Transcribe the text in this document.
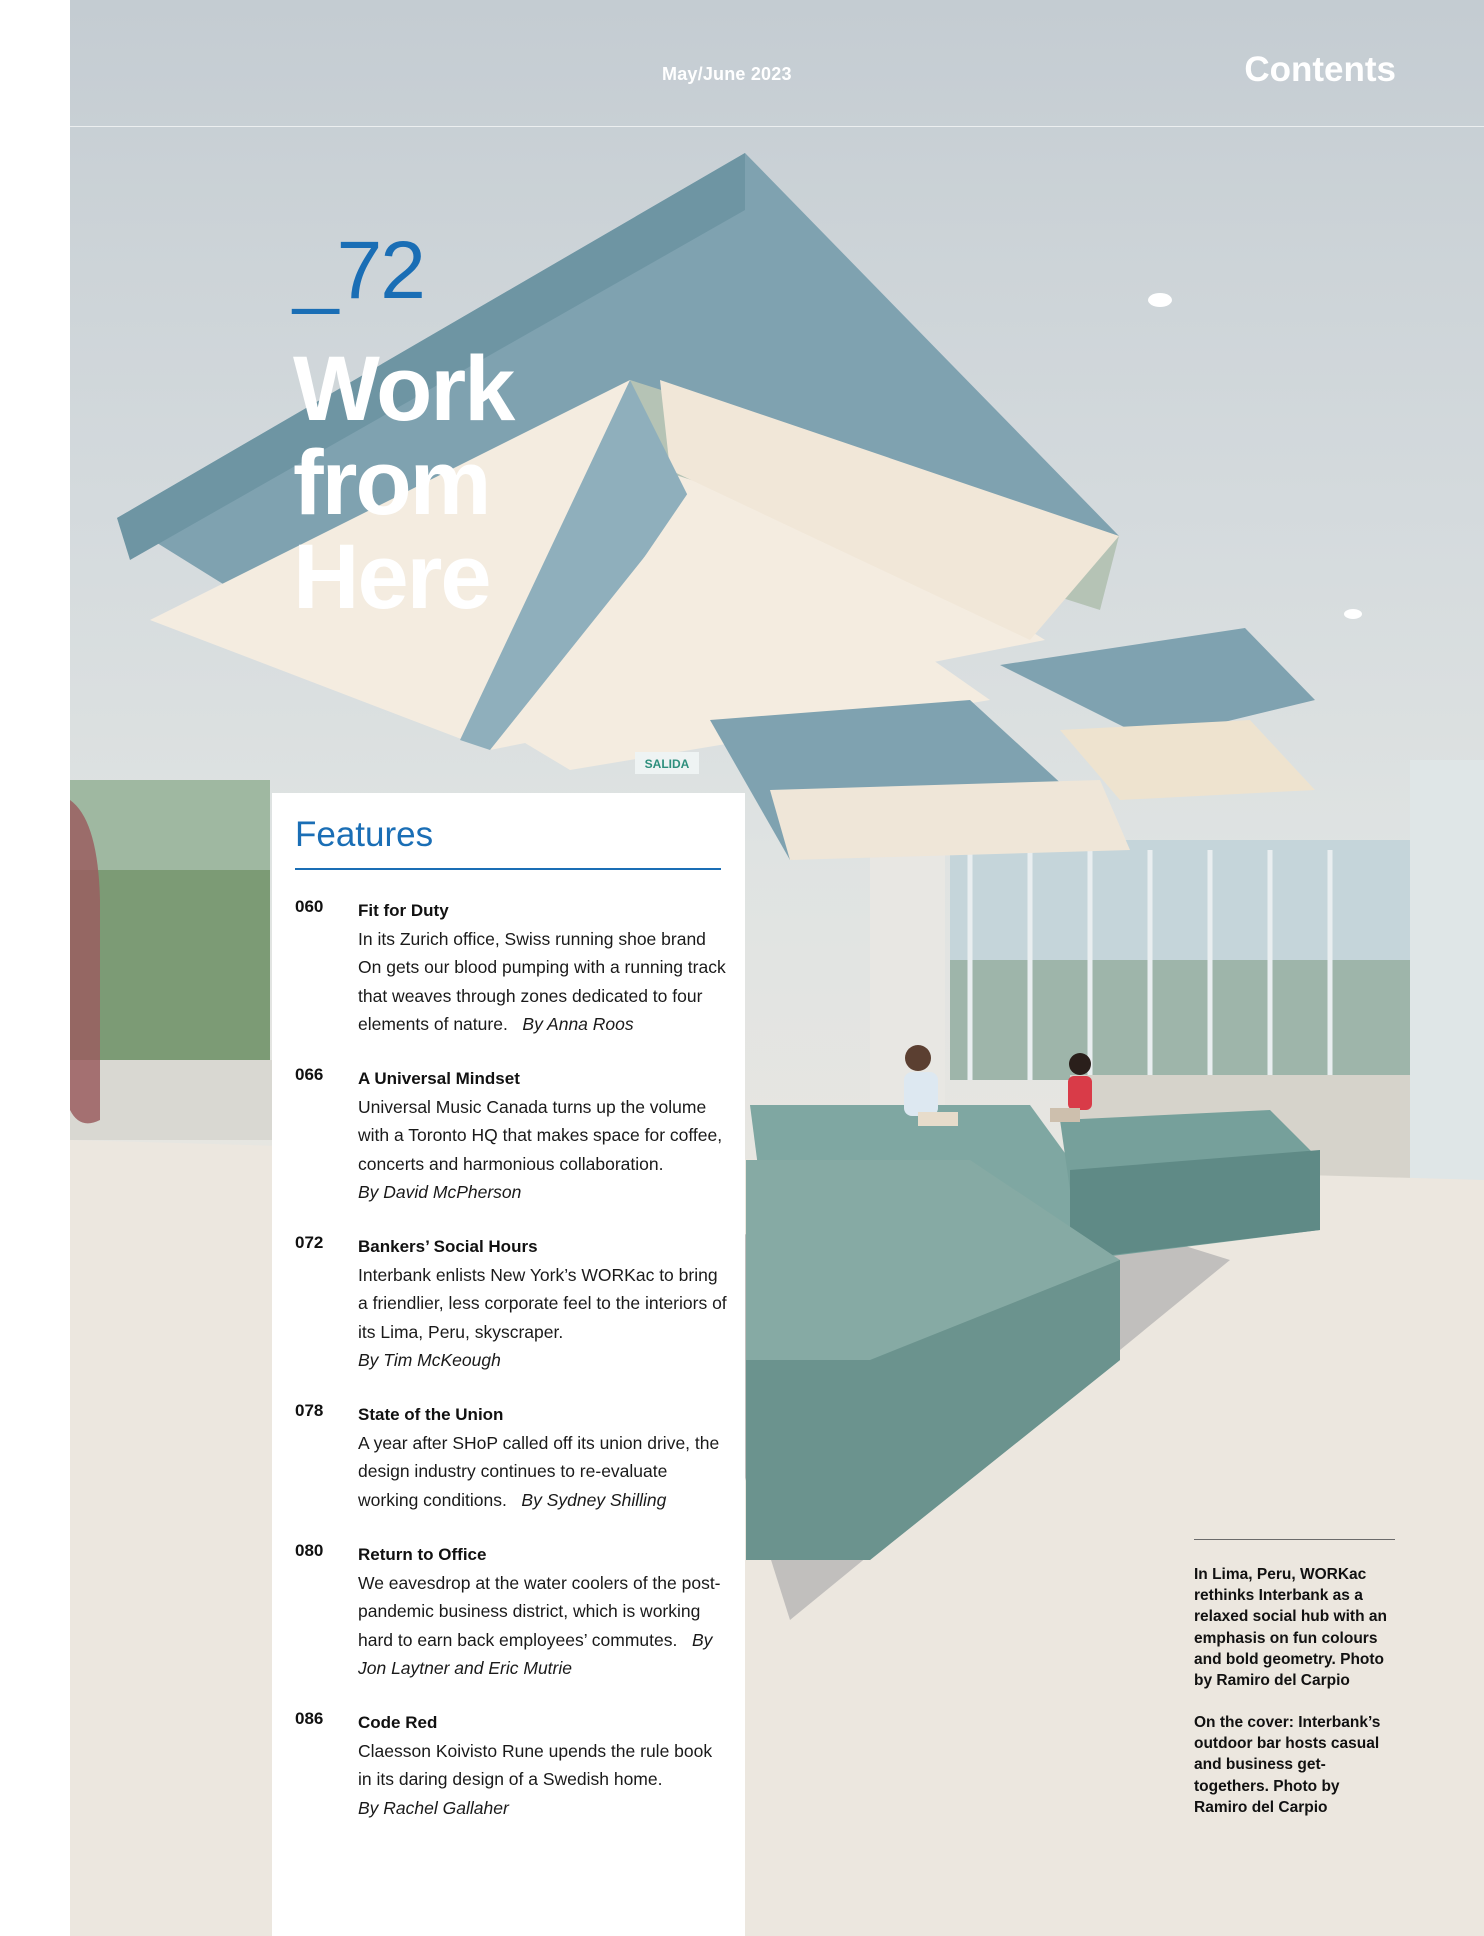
SALIDA
May/June 2023	Contents
_72
Work
from
Here
Features
060 Fit for Duty
In its Zurich office, Swiss running shoe brand On gets our blood pumping with a running track that weaves through zones dedicated to four elements of nature. By Anna Roos
066 A Universal Mindset
Universal Music Canada turns up the volume with a Toronto HQ that makes space for coffee, concerts and harmonious collaboration.
By David McPherson
072 Bankers’ Social Hours
Interbank enlists New York’s WORKac to bring a friendlier, less corporate feel to the interiors of its Lima, Peru, skyscraper.
By Tim McKeough
078 State of the Union
A year after SHoP called off its union drive, the design industry continues to re-evaluate working conditions. By Sydney Shilling
080 Return to Office
We eavesdrop at the water coolers of the post-pandemic business district, which is working hard to earn back employees’ commutes. By Jon Laytner and Eric Mutrie
086 Code Red
Claesson Koivisto Rune upends the rule book in its daring design of a Swedish home.
By Rachel Gallaher
In Lima, Peru, WORKac rethinks Interbank as a relaxed social hub with an emphasis on fun colours and bold geometry. Photo by Ramiro del Carpio
On the cover: Interbank’s outdoor bar hosts casual and business get-togethers. Photo by Ramiro del Carpio
